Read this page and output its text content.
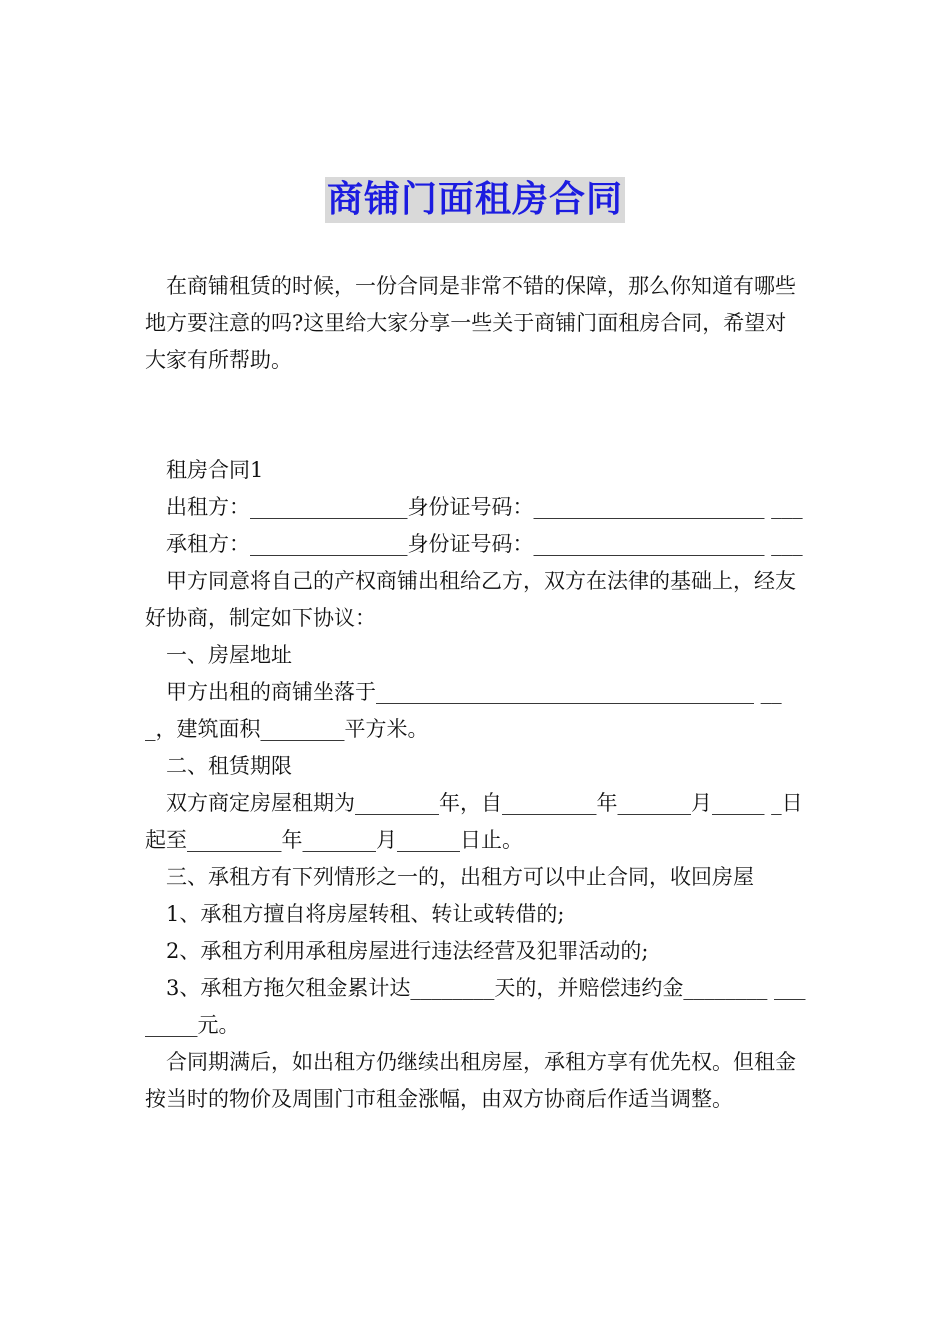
商铺门面租房合同

在商铺租赁的时候，一份合同是非常不错的保障，那么你知道有哪些地方要注意的吗?这里给大家分享一些关于商铺门面租房合同，希望对大家有所帮助。

租房合同1

出租方：_______________身份证号码：______________________ ___

承租方：_______________身份证号码：______________________ ___

甲方同意将自己的产权商铺出租给乙方，双方在法律的基础上，经友好协商，制定如下协议：

一、房屋地址

甲方出租的商铺坐落于____________________________________ ___，建筑面积________平方米。

二、租赁期限

双方商定房屋租期为________年，自_________年_______月_____ _日起至_________年_______月______日止。

三、承租方有下列情形之一的，出租方可以中止合同，收回房屋

1、承租方擅自将房屋转租、转让或转借的;

2、承租方利用承租房屋进行违法经营及犯罪活动的;

3、承租方拖欠租金累计达________天的，并赔偿违约金________ ________元。

合同期满后，如出租方仍继续出租房屋，承租方享有优先权。但租金按当时的物价及周围门市租金涨幅，由双方协商后作适当调整。
